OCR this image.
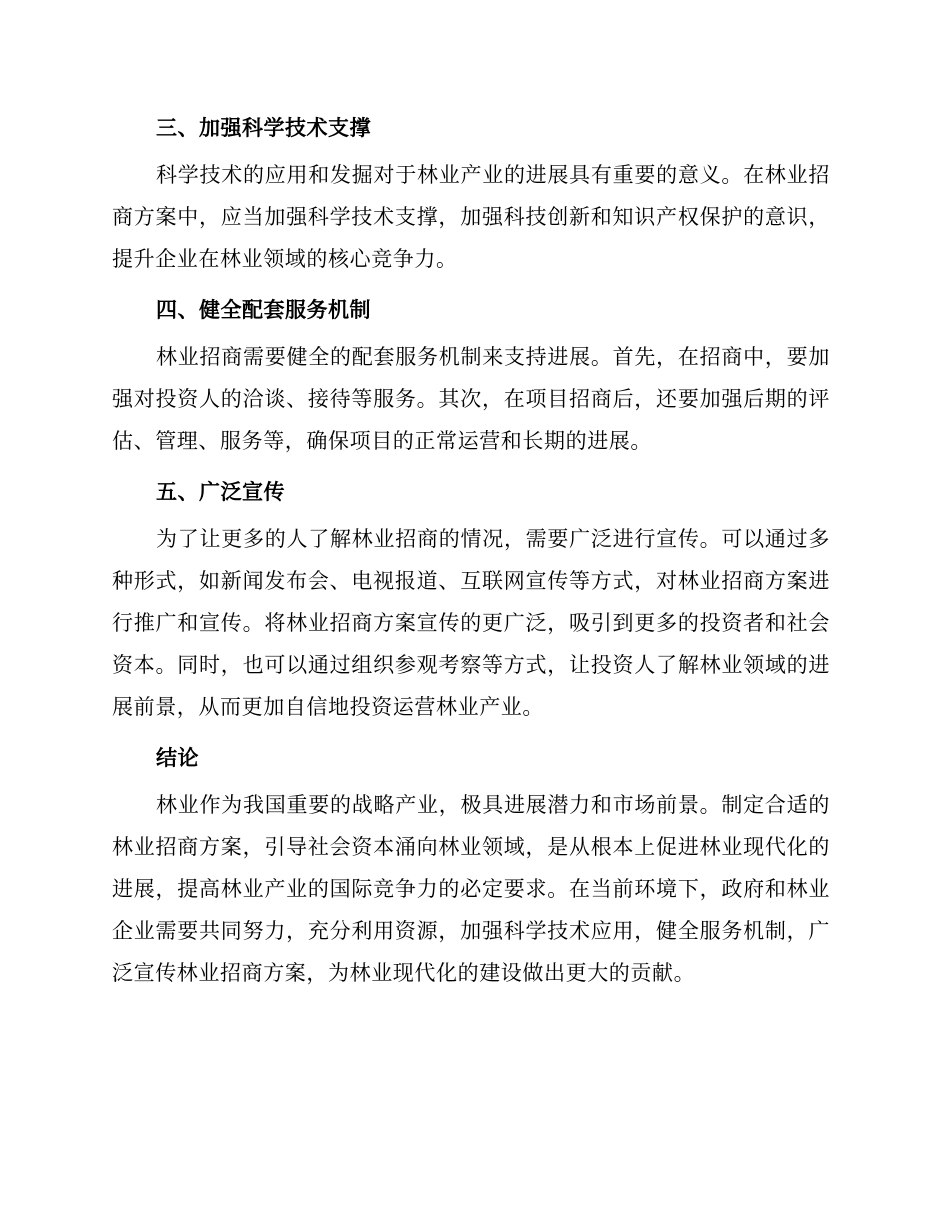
三、加强科学技术支撑

科学技术的应用和发掘对于林业产业的进展具有重要的意义。在林业招商方案中，应当加强科学技术支撑，加强科技创新和知识产权保护的意识，提升企业在林业领域的核心竞争力。

四、健全配套服务机制

林业招商需要健全的配套服务机制来支持进展。首先，在招商中，要加强对投资人的洽谈、接待等服务。其次，在项目招商后，还要加强后期的评估、管理、服务等，确保项目的正常运营和长期的进展。

五、广泛宣传

为了让更多的人了解林业招商的情况，需要广泛进行宣传。可以通过多种形式，如新闻发布会、电视报道、互联网宣传等方式，对林业招商方案进行推广和宣传。将林业招商方案宣传的更广泛，吸引到更多的投资者和社会资本。同时，也可以通过组织参观考察等方式，让投资人了解林业领域的进展前景，从而更加自信地投资运营林业产业。

结论

林业作为我国重要的战略产业，极具进展潜力和市场前景。制定合适的林业招商方案，引导社会资本涌向林业领域，是从根本上促进林业现代化的进展，提高林业产业的国际竞争力的必定要求。在当前环境下，政府和林业企业需要共同努力，充分利用资源，加强科学技术应用，健全服务机制，广泛宣传林业招商方案，为林业现代化的建设做出更大的贡献。
